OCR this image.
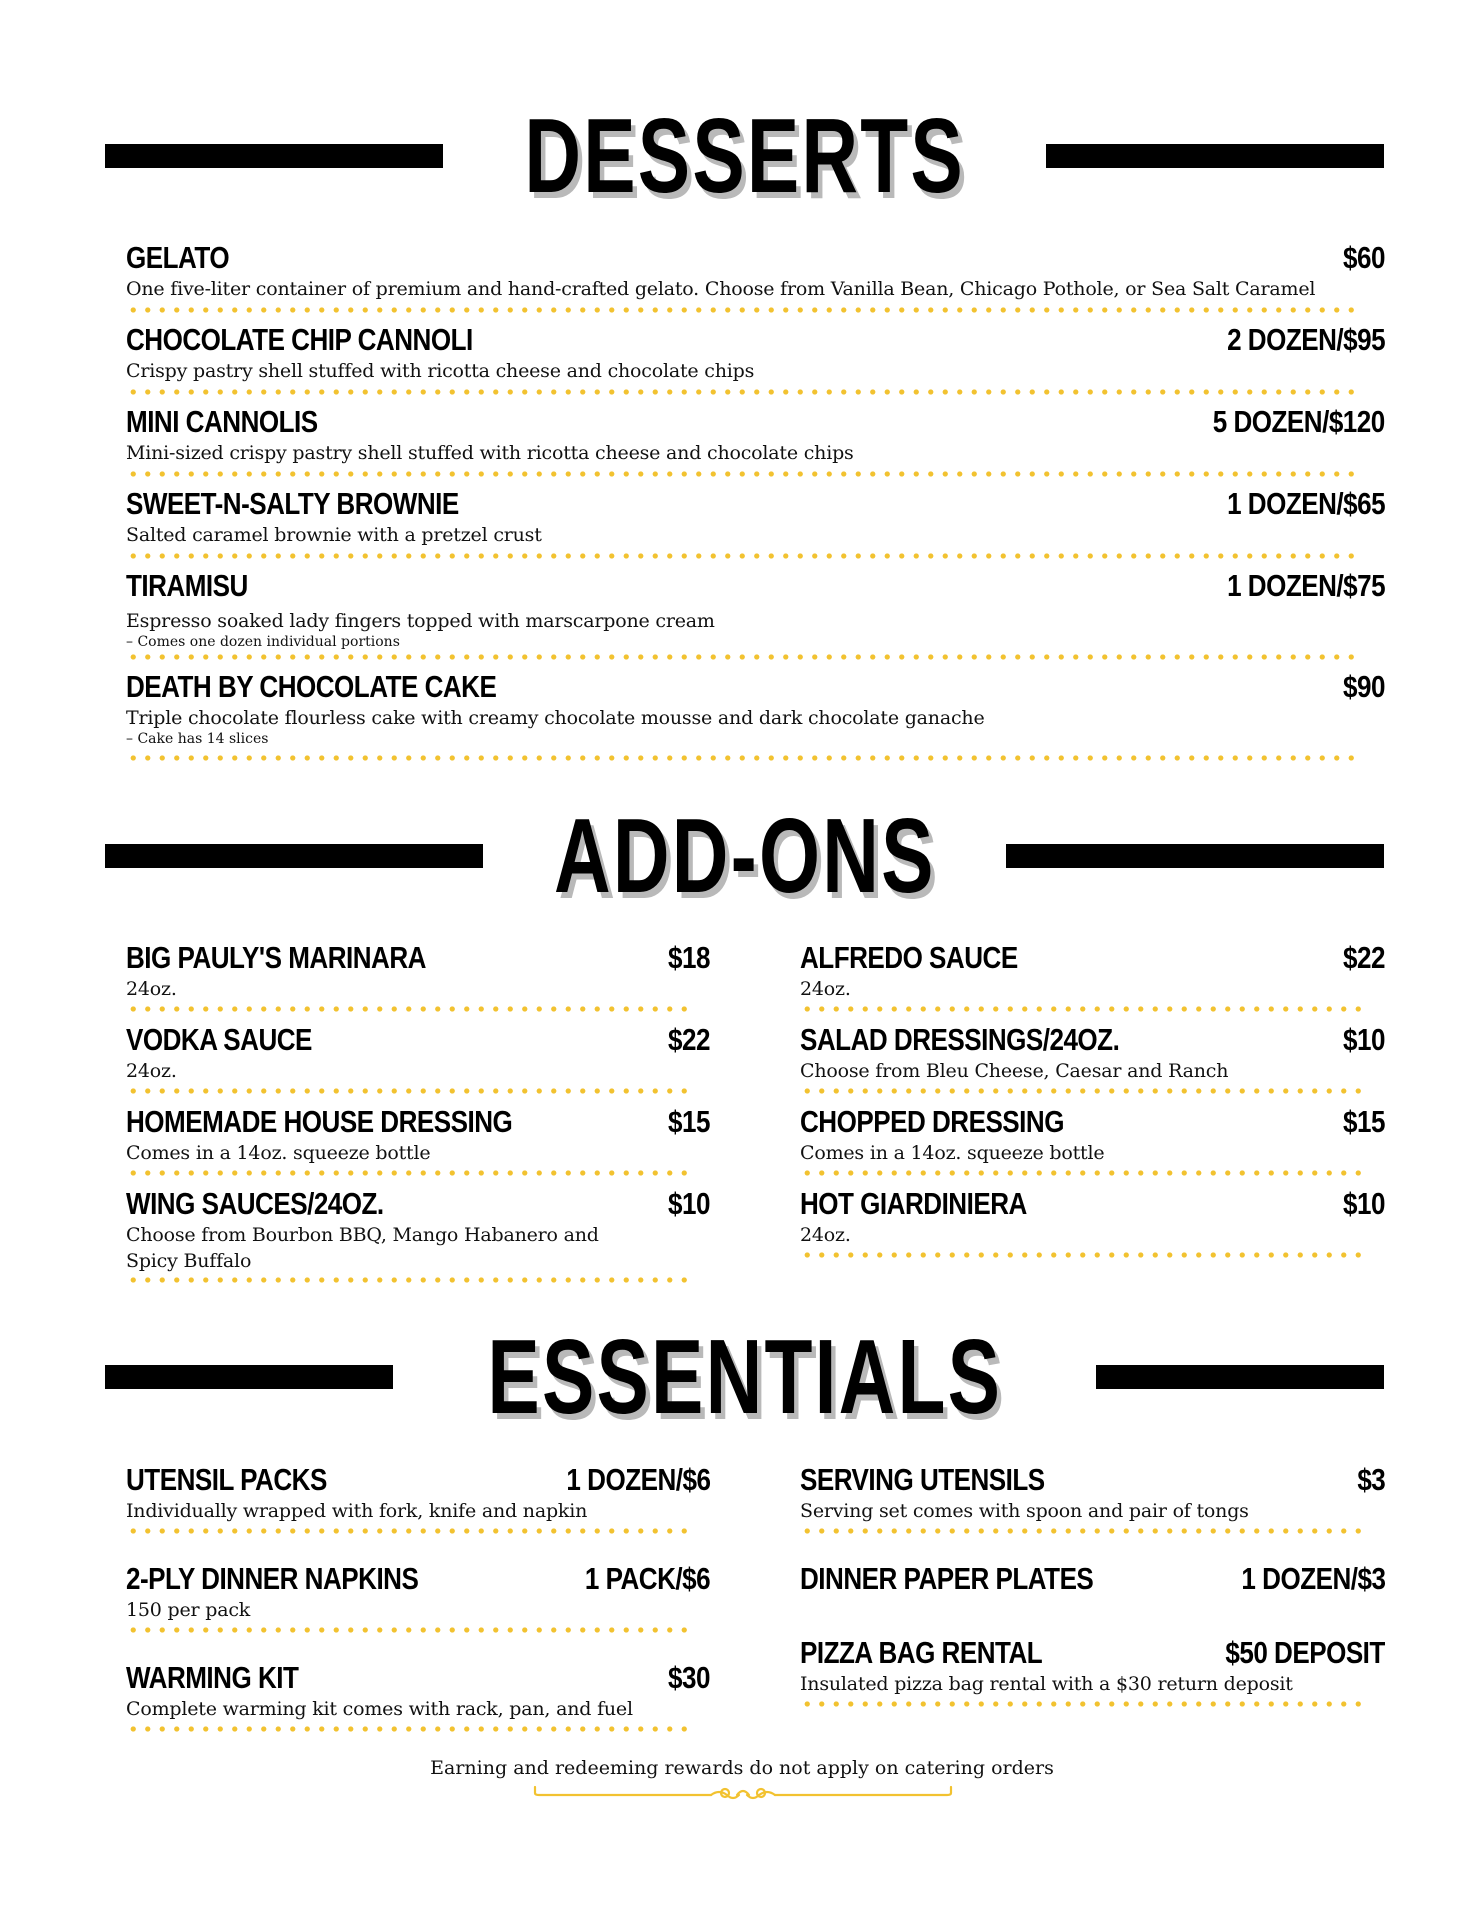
DESSERTS
GELATO	$60
One five-liter container of premium and hand-crafted gelato. Choose from Vanilla Bean, Chicago Pothole, or Sea Salt Caramel
CHOCOLATE CHIP CANNOLI	2 DOZEN/$95
Crispy pastry shell stuffed with ricotta cheese and chocolate chips
MINI CANNOLIS	5 DOZEN/$120
Mini-sized crispy pastry shell stuffed with ricotta cheese and chocolate chips
SWEET-N-SALTY BROWNIE	1 DOZEN/$65
Salted caramel brownie with a pretzel crust
TIRAMISU	1 DOZEN/$75
Espresso soaked lady fingers topped with marscarpone cream
– Comes one dozen individual portions
DEATH BY CHOCOLATE CAKE	$90
Triple chocolate flourless cake with creamy chocolate mousse and dark chocolate ganache
– Cake has 14 slices
ADD-ONS
BIG PAULY'S MARINARA	$18
24oz.
VODKA SAUCE	$22
24oz.
HOMEMADE HOUSE DRESSING	$15
Comes in a 14oz. squeeze bottle
WING SAUCES/24OZ.	$10
Choose from Bourbon BBQ, Mango Habanero and Spicy Buffalo
ALFREDO SAUCE	$22
24oz.
SALAD DRESSINGS/24OZ.	$10
Choose from Bleu Cheese, Caesar and Ranch
CHOPPED DRESSING	$15
Comes in a 14oz. squeeze bottle
HOT GIARDINIERA	$10
24oz.
ESSENTIALS
UTENSIL PACKS	1 DOZEN/$6
Individually wrapped with fork, knife and napkin
2-PLY DINNER NAPKINS	1 PACK/$6
150 per pack
WARMING KIT	$30
Complete warming kit comes with rack, pan, and fuel
SERVING UTENSILS	$3
Serving set comes with spoon and pair of tongs
DINNER PAPER PLATES	1 DOZEN/$3
PIZZA BAG RENTAL	$50 DEPOSIT
Insulated pizza bag rental with a $30 return deposit
Earning and redeeming rewards do not apply on catering orders
